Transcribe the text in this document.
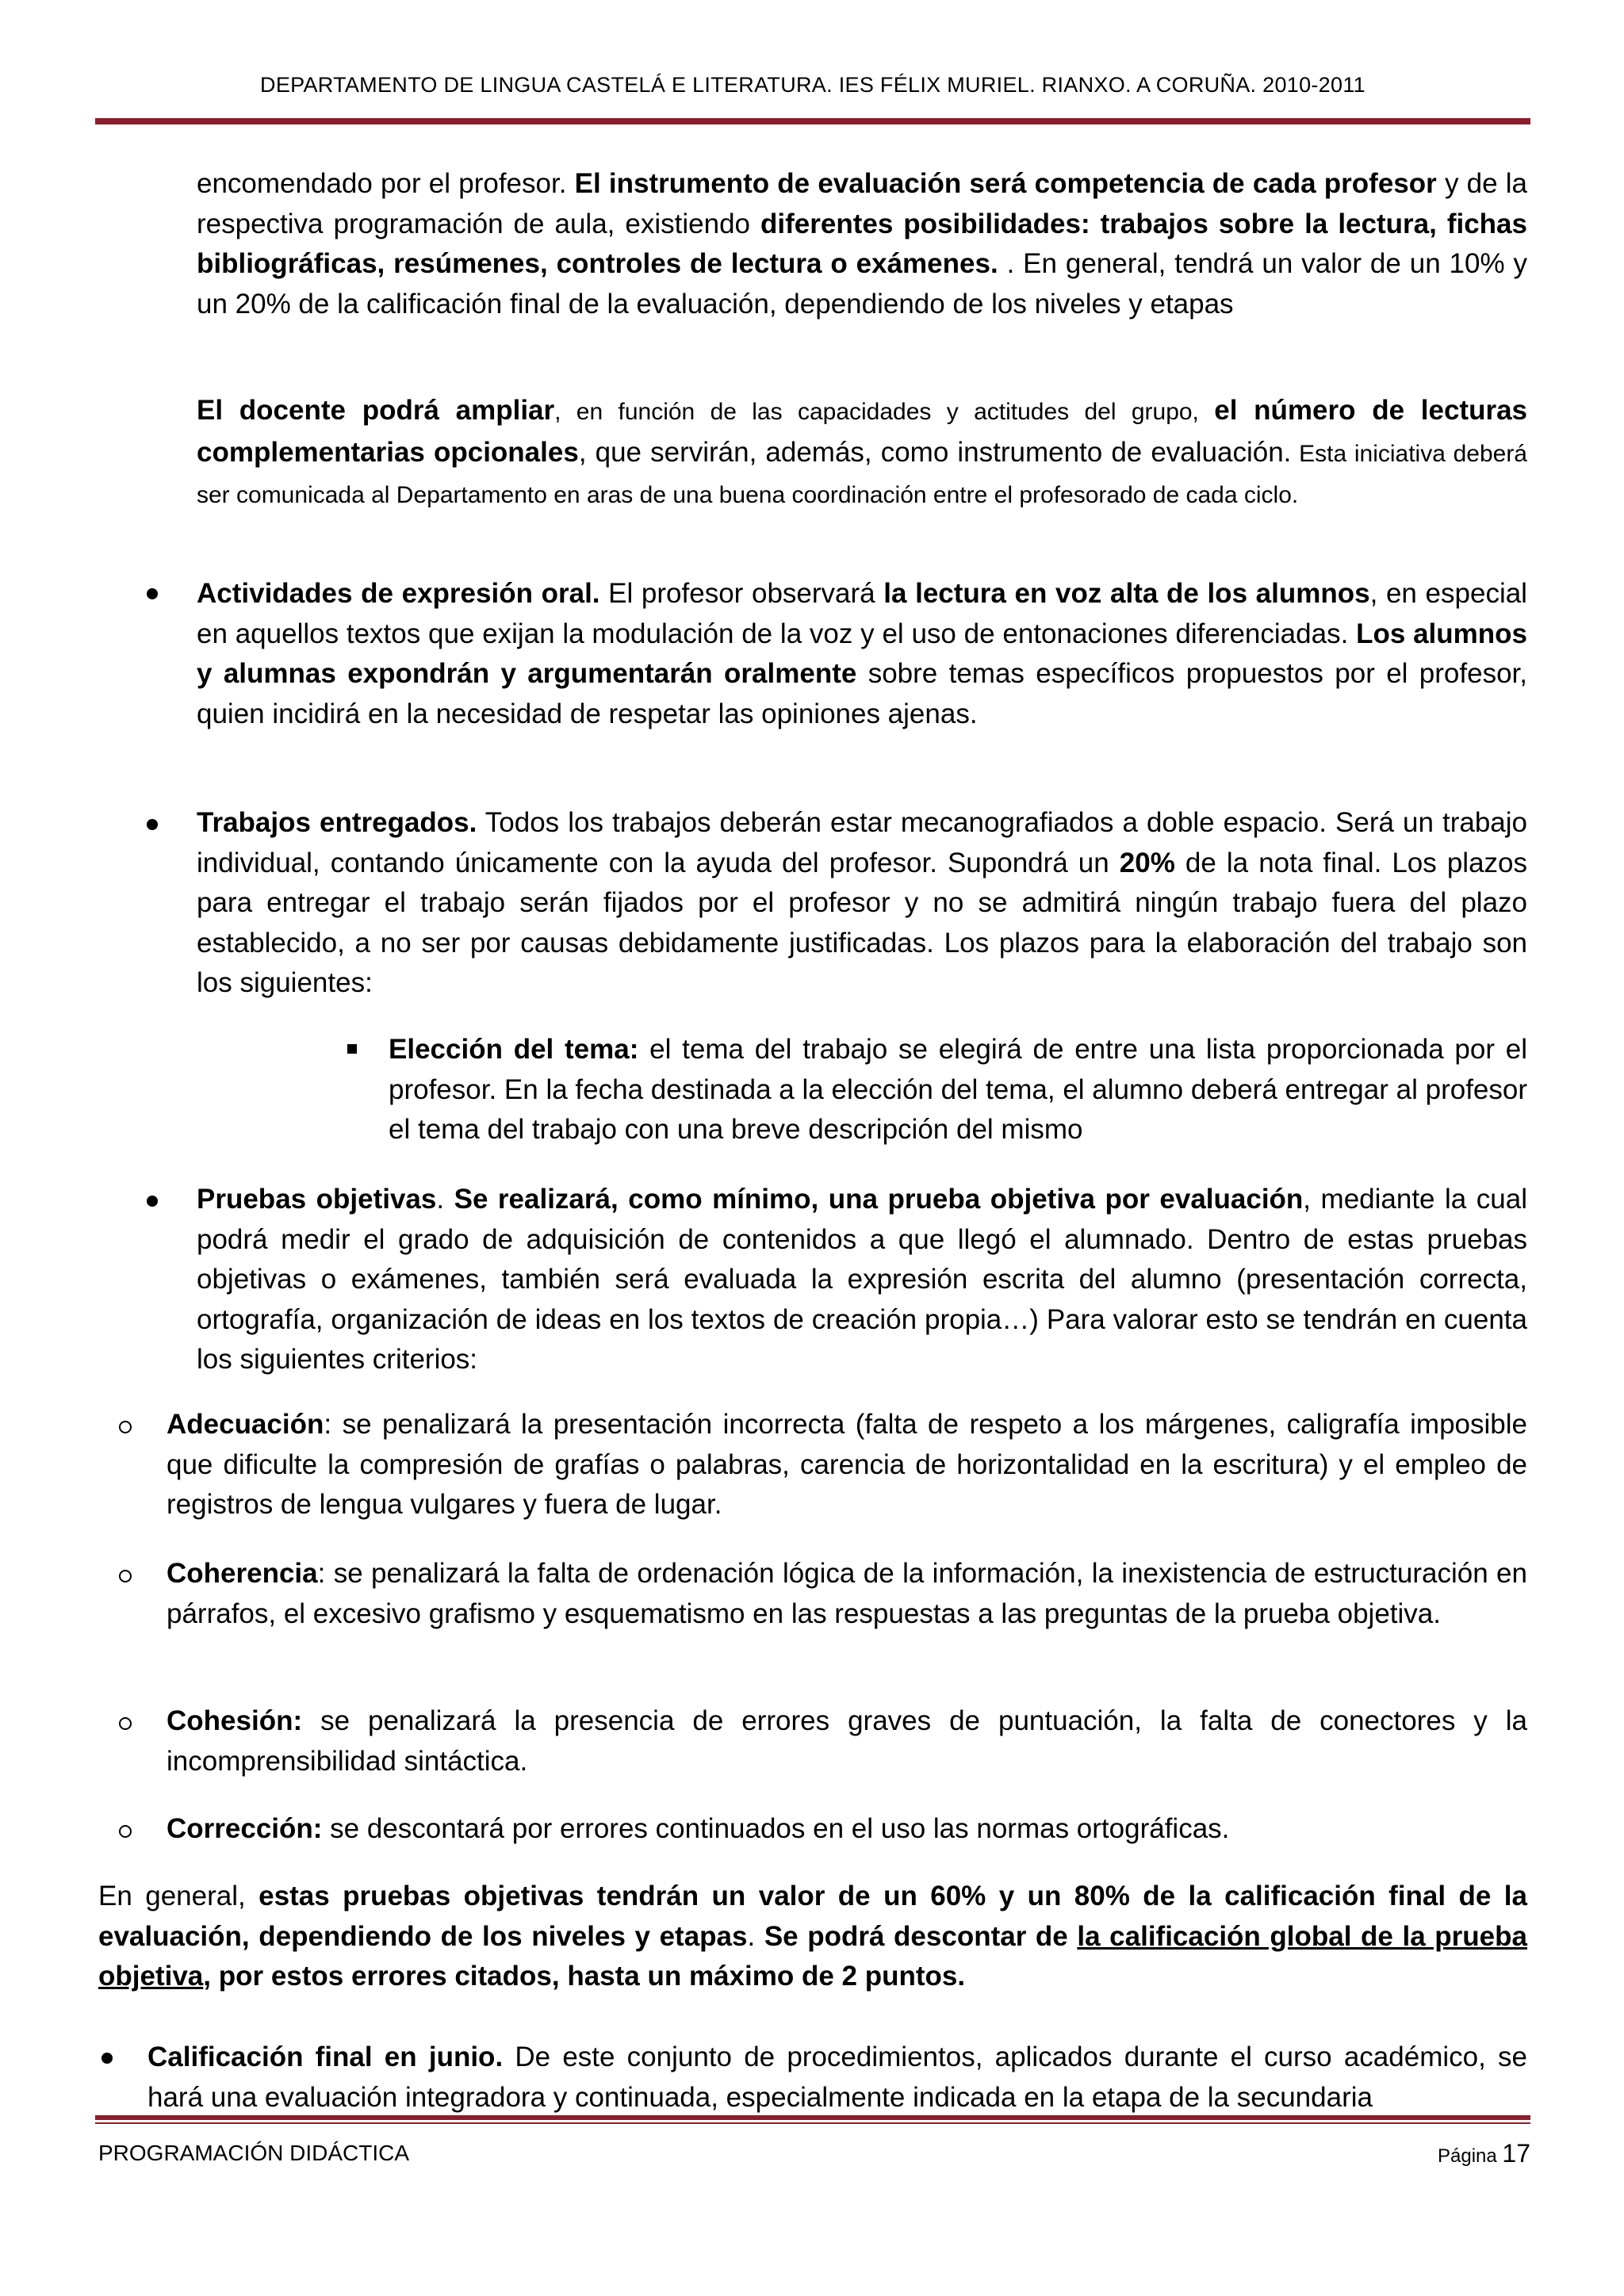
DEPARTAMENTO DE LINGUA CASTELÁ E LITERATURA. IES FÉLIX MURIEL. RIANXO. A CORUÑA. 2010-2011

encomendado por el profesor. El instrumento de evaluación será competencia de cada profesor y de la respectiva programación de aula, existiendo diferentes posibilidades: trabajos sobre la lectura, fichas bibliográficas, resúmenes, controles de lectura o exámenes. . En general, tendrá un valor de un 10% y un 20% de la calificación final de la evaluación, dependiendo de los niveles y etapas

El docente podrá ampliar, en función de las capacidades y actitudes del grupo, el número de lecturas complementarias opcionales, que servirán, además, como instrumento de evaluación. Esta iniciativa deberá ser comunicada al Departamento en aras de una buena coordinación entre el profesorado de cada ciclo.

Actividades de expresión oral. El profesor observará la lectura en voz alta de los alumnos, en especial en aquellos textos que exijan la modulación de la voz y el uso de entonaciones diferenciadas. Los alumnos y alumnas expondrán y argumentarán oralmente sobre temas específicos propuestos por el profesor, quien incidirá en la necesidad de respetar las opiniones ajenas.

Trabajos entregados. Todos los trabajos deberán estar mecanografiados a doble espacio. Será un trabajo individual, contando únicamente con la ayuda del profesor. Supondrá un 20% de la nota final. Los plazos para entregar el trabajo serán fijados por el profesor y no se admitirá ningún trabajo fuera del plazo establecido, a no ser por causas debidamente justificadas. Los plazos para la elaboración del trabajo son los siguientes:

Elección del tema: el tema del trabajo se elegirá de entre una lista proporcionada por el profesor. En la fecha destinada a la elección del tema, el alumno deberá entregar al profesor el tema del trabajo con una breve descripción del mismo

Pruebas objetivas. Se realizará, como mínimo, una prueba objetiva por evaluación, mediante la cual podrá medir el grado de adquisición de contenidos a que llegó el alumnado. Dentro de estas pruebas objetivas o exámenes, también será evaluada la expresión escrita del alumno (presentación correcta, ortografía, organización de ideas en los textos de creación propia…) Para valorar esto se tendrán en cuenta los siguientes criterios:

Adecuación: se penalizará la presentación incorrecta (falta de respeto a los márgenes, caligrafía imposible que dificulte la compresión de grafías o palabras, carencia de horizontalidad en la escritura) y el empleo de registros de lengua vulgares y fuera de lugar.

Coherencia: se penalizará la falta de ordenación lógica de la información, la inexistencia de estructuración en párrafos, el excesivo grafismo y esquematismo en las respuestas a las preguntas de la prueba objetiva.

Cohesión: se penalizará la presencia de errores graves de puntuación, la falta de conectores y la incomprensibilidad sintáctica.

Corrección: se descontará por errores continuados en el uso las normas ortográficas.

En general, estas pruebas objetivas tendrán un valor de un 60% y un 80% de la calificación final de la evaluación, dependiendo de los niveles y etapas. Se podrá descontar de la calificación global de la prueba objetiva, por estos errores citados, hasta un máximo de 2 puntos.

Calificación final en junio. De este conjunto de procedimientos, aplicados durante el curso académico, se hará una evaluación integradora y continuada, especialmente indicada en la etapa de la secundaria

PROGRAMACIÓN DIDÁCTICA	Página 17
